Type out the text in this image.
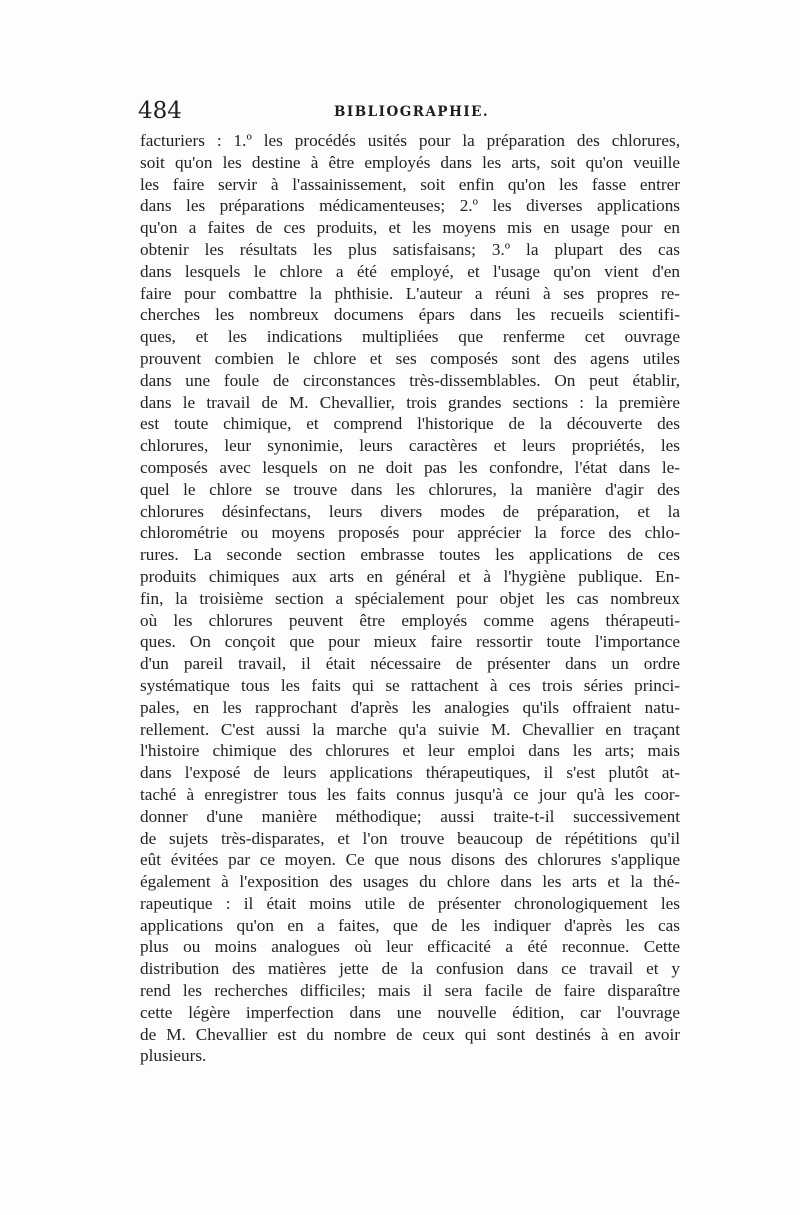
484	BIBLIOGRAPHIE.
facturiers : 1.º les procédés usités pour la préparation des chlorures,
soit qu'on les destine à être employés dans les arts, soit qu'on veuille
les faire servir à l'assainissement, soit enfin qu'on les fasse entrer
dans les préparations médicamenteuses; 2.º les diverses applications
qu'on a faites de ces produits, et les moyens mis en usage pour en
obtenir les résultats les plus satisfaisans; 3.º la plupart des cas
dans lesquels le chlore a été employé, et l'usage qu'on vient d'en
faire pour combattre la phthisie. L'auteur a réuni à ses propres re-
cherches les nombreux documens épars dans les recueils scientifi-
ques, et les indications multipliées que renferme cet ouvrage
prouvent combien le chlore et ses composés sont des agens utiles
dans une foule de circonstances très-dissemblables. On peut établir,
dans le travail de M. Chevallier, trois grandes sections : la première
est toute chimique, et comprend l'historique de la découverte des
chlorures, leur synonimie, leurs caractères et leurs propriétés, les
composés avec lesquels on ne doit pas les confondre, l'état dans le-
quel le chlore se trouve dans les chlorures, la manière d'agir des
chlorures désinfectans, leurs divers modes de préparation, et la
chlorométrie ou moyens proposés pour apprécier la force des chlo-
rures. La seconde section embrasse toutes les applications de ces
produits chimiques aux arts en général et à l'hygiène publique. En-
fin, la troisième section a spécialement pour objet les cas nombreux
où les chlorures peuvent être employés comme agens thérapeuti-
ques. On conçoit que pour mieux faire ressortir toute l'importance
d'un pareil travail, il était nécessaire de présenter dans un ordre
systématique tous les faits qui se rattachent à ces trois séries princi-
pales, en les rapprochant d'après les analogies qu'ils offraient natu-
rellement. C'est aussi la marche qu'a suivie M. Chevallier en traçant
l'histoire chimique des chlorures et leur emploi dans les arts; mais
dans l'exposé de leurs applications thérapeutiques, il s'est plutôt at-
taché à enregistrer tous les faits connus jusqu'à ce jour qu'à les coor-
donner d'une manière méthodique; aussi traite-t-il successivement
de sujets très-disparates, et l'on trouve beaucoup de répétitions qu'il
eût évitées par ce moyen. Ce que nous disons des chlorures s'applique
également à l'exposition des usages du chlore dans les arts et la thé-
rapeutique : il était moins utile de présenter chronologiquement les
applications qu'on en a faites, que de les indiquer d'après les cas
plus ou moins analogues où leur efficacité a été reconnue. Cette
distribution des matières jette de la confusion dans ce travail et y
rend les recherches difficiles; mais il sera facile de faire disparaître
cette légère imperfection dans une nouvelle édition, car l'ouvrage
de M. Chevallier est du nombre de ceux qui sont destinés à en avoir
plusieurs.
